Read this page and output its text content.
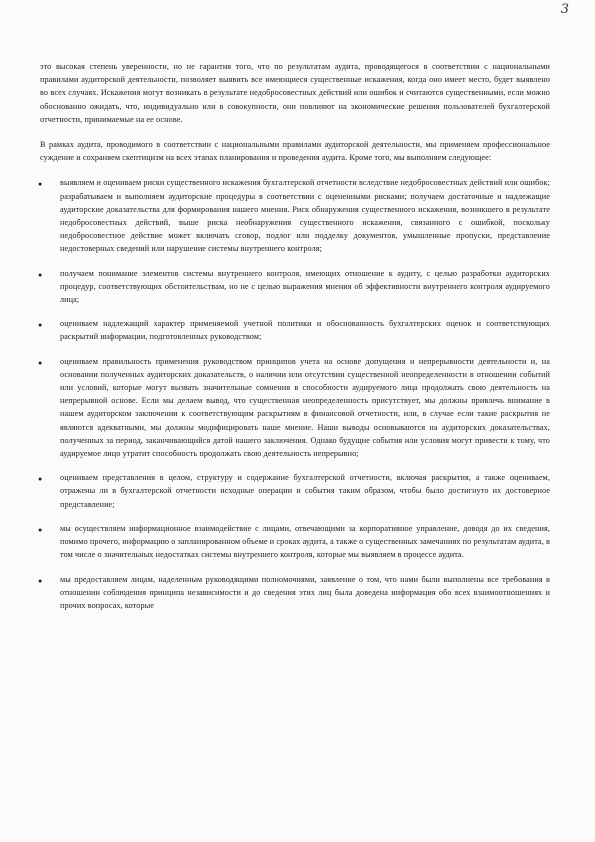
3

это высокая степень уверенности, но не гарантия того, что по результатам аудита, проводящегося в соответствии с национальными правилами аудиторской деятельности, позволяет выявить все имеющиеся существенные искажения, когда оно имеет место, будет выявлено во всех случаях. Искажения могут возникать в результате недобросовестных действий или ошибок и считаются существенными, если можно обоснованно ожидать, что, индивидуально или в совокупности, они повлияют на экономические решения пользователей бухгалтерской отчетности, принимаемые на ее основе.

В рамках аудита, проводимого в соответствии с национальными правилами аудиторской деятельности, мы применяем профессиональное суждение и сохраняем скептицизм на всех этапах планирования и проведения аудита. Кроме того, мы выполняем следующее:

● выявляем и оцениваем риски существенного искажения бухгалтерской отчетности вследствие недобросовестных действий или ошибок; разрабатываем и выполняем аудиторские процедуры в соответствии с оцененными рисками; получаем достаточные и надлежащие аудиторские доказательства для формирования нашего мнения. Риск обнаружения существенного искажения, возникшего в результате недобросовестных действий, выше риска необнаружения существенного искажения, связанного с ошибкой, поскольку недобросовестное действие может включать сговор, подлог или подделку документов, умышленные пропуски, представление недостоверных сведений или нарушение системы внутреннего контроля;
● получаем понимание элементов системы внутреннего контроля, имеющих отношение к аудиту, с целью разработки аудиторских процедур, соответствующих обстоятельствам, но не с целью выражения мнения об эффективности внутреннего контроля аудируемого лица;
● оцениваем надлежащий характер применяемой учетной политики и обоснованность бухгалтерских оценок и соответствующих раскрытий информации, подготовленных руководством;
● оцениваем правильность применения руководством принципов учета на основе допущения и непрерывности деятельности и, на основании полученных аудиторских доказательств, о наличии или отсутствии существенной неопределенности в отношении событий или условий, которые могут вызвать значительные сомнения в способности аудируемого лица продолжать свою деятельность на непрерывной основе. Если мы делаем вывод, что существенная неопределенность присутствует, мы должны привлечь внимание в нашем аудиторском заключении к соответствующим раскрытиям в финансовой отчетности, или, в случае если такие раскрытия не являются адекватными, мы должны модифицировать наше мнение. Наши выводы основываются на аудиторских доказательствах, полученных за период, заканчивающийся датой нашего заключения. Однако будущие события или условия могут привести к тому, что аудируемое лицо утратит способность продолжать свою деятельность непрерывно;
● оцениваем представления в целом, структуру и содержание бухгалтерской отчетности, включая раскрытия, а также оцениваем, отражены ли в бухгалтерской отчетности исходные операции и события таким образом, чтобы было достигнуто их достоверное представление;
● мы осуществляем информационное взаимодействие с лицами, отвечающими за корпоративное управление, доводя до их сведения, помимо прочего, информацию о запланированном объеме и сроках аудита, а также о существенных замечаниях по результатам аудита, в том числе о значительных недостатках системы внутреннего контроля, которые мы выявляем в процессе аудита.
● мы предоставляем лицам, наделенным руководящими полномочиями, заявление о том, что нами были выполнены все требования в отношении соблюдения принципа независимости и до сведения этих лиц была доведена информация обо всех взаимоотношениях и прочих вопросах, которые
